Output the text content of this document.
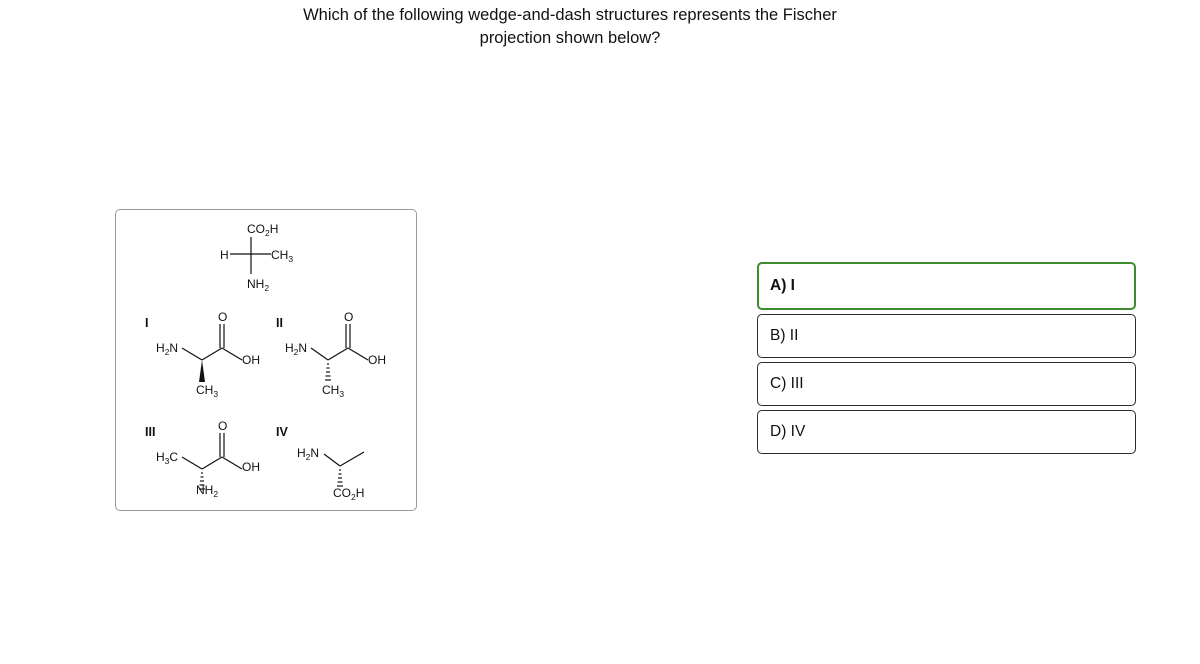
Which of the following wedge-and-dash structures represents the Fischer
projection shown below?
$CO_2H$
H	$CH_3$
$NH_2$
I
$H_2N$
O
OH
$CH_3$
II
$H_2N$
O
OH
$CH_3$
III
$H_3C$
O
OH
$NH_2$
IV
$H_2N$
$CO_2H$
A) I
B) II
C) III
D) IV
